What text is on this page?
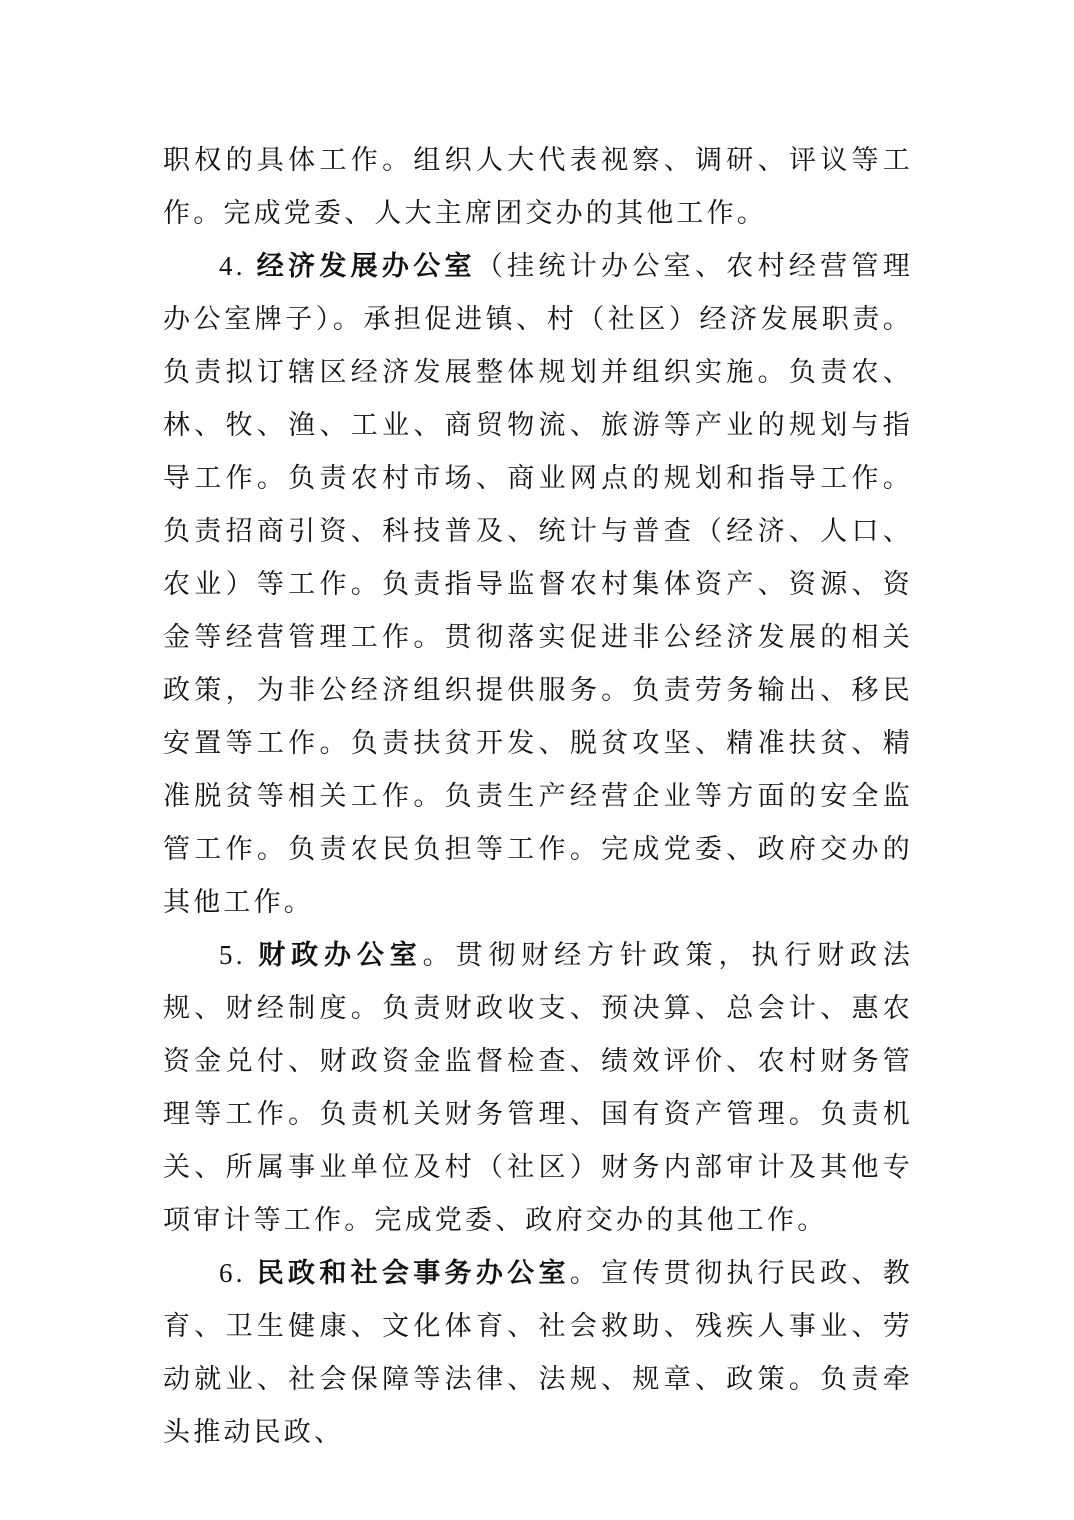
职权的具体工作。组织人大代表视察、调研、评议等工作。完成党委、人大主席团交办的其他工作。

4. 经济发展办公室（挂统计办公室、农村经营管理办公室牌子）。承担促进镇、村（社区）经济发展职责。负责拟订辖区经济发展整体规划并组织实施。负责农、林、牧、渔、工业、商贸物流、旅游等产业的规划与指导工作。负责农村市场、商业网点的规划和指导工作。负责招商引资、科技普及、统计与普查（经济、人口、农业）等工作。负责指导监督农村集体资产、资源、资金等经营管理工作。贯彻落实促进非公经济发展的相关政策，为非公经济组织提供服务。负责劳务输出、移民安置等工作。负责扶贫开发、脱贫攻坚、精准扶贫、精准脱贫等相关工作。负责生产经营企业等方面的安全监管工作。负责农民负担等工作。完成党委、政府交办的其他工作。

5. 财政办公室。贯彻财经方针政策，执行财政法规、财经制度。负责财政收支、预决算、总会计、惠农资金兑付、财政资金监督检查、绩效评价、农村财务管理等工作。负责机关财务管理、国有资产管理。负责机关、所属事业单位及村（社区）财务内部审计及其他专项审计等工作。完成党委、政府交办的其他工作。

6. 民政和社会事务办公室。宣传贯彻执行民政、教育、卫生健康、文化体育、社会救助、残疾人事业、劳动就业、社会保障等法律、法规、规章、政策。负责牵头推动民政、
